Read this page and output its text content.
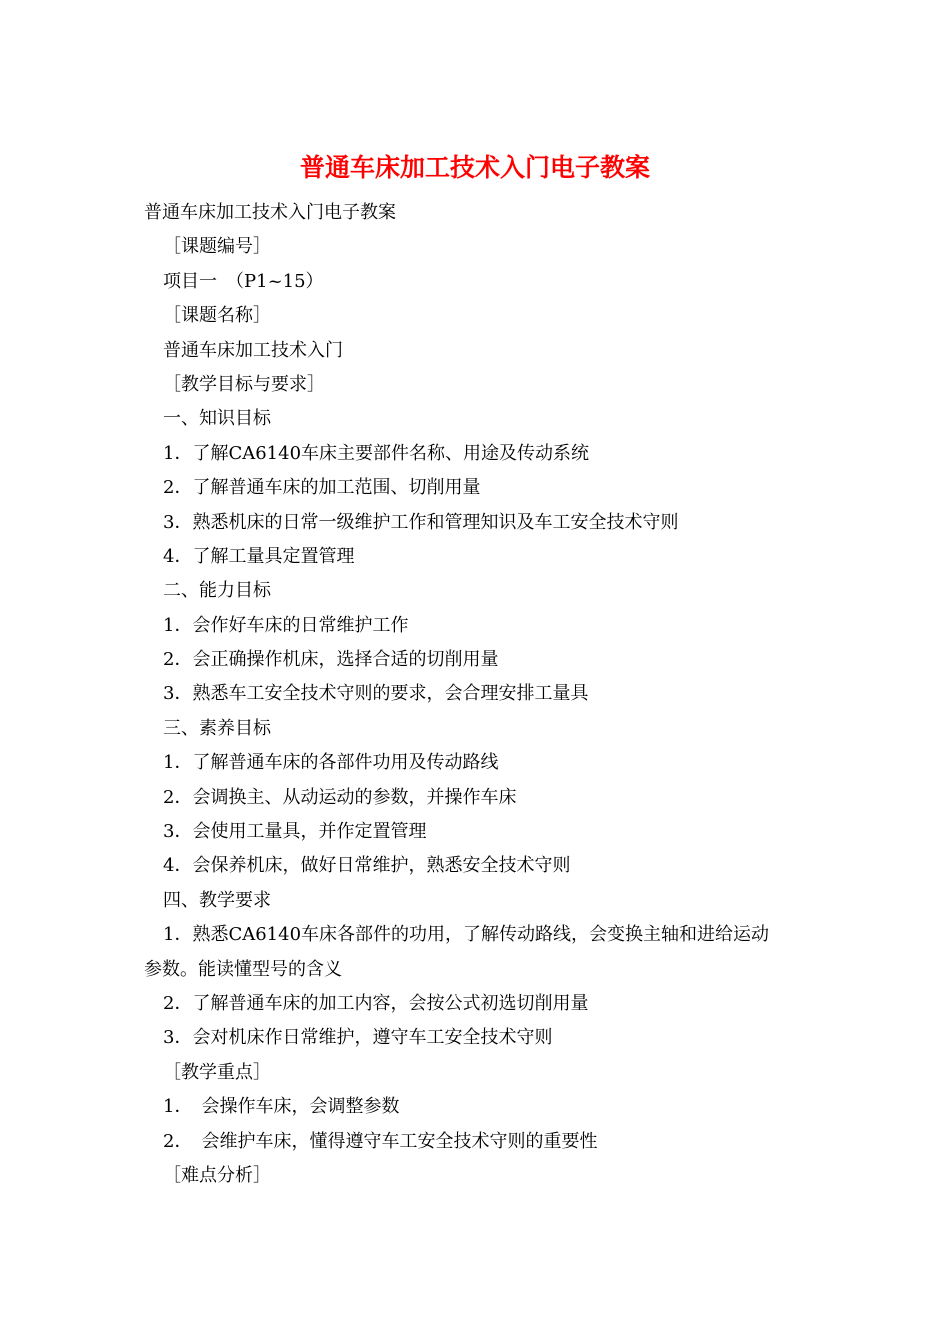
普通车床加工技术入门电子教案
普通车床加工技术入门电子教案
［课题编号］
项目一　（P1~15）
［课题名称］
普通车床加工技术入门
［教学目标与要求］
一、知识目标
1．了解CA6140车床主要部件名称、用途及传动系统
2．了解普通车床的加工范围、切削用量
3．熟悉机床的日常一级维护工作和管理知识及车工安全技术守则
4．了解工量具定置管理
二、能力目标
1．会作好车床的日常维护工作
2．会正确操作机床，选择合适的切削用量
3．熟悉车工安全技术守则的要求，会合理安排工量具
三、素养目标
1．了解普通车床的各部件功用及传动路线
2．会调换主、从动运动的参数，并操作车床
3．会使用工量具，并作定置管理
4．会保养机床，做好日常维护，熟悉安全技术守则
四、教学要求
1．熟悉CA6140车床各部件的功用，了解传动路线，会变换主轴和进给运动
参数。能读懂型号的含义
2．了解普通车床的加工内容，会按公式初选切削用量
3．会对机床作日常维护，遵守车工安全技术守则
［教学重点］
1．　会操作车床，会调整参数
2．　会维护车床，懂得遵守车工安全技术守则的重要性
［难点分析］
